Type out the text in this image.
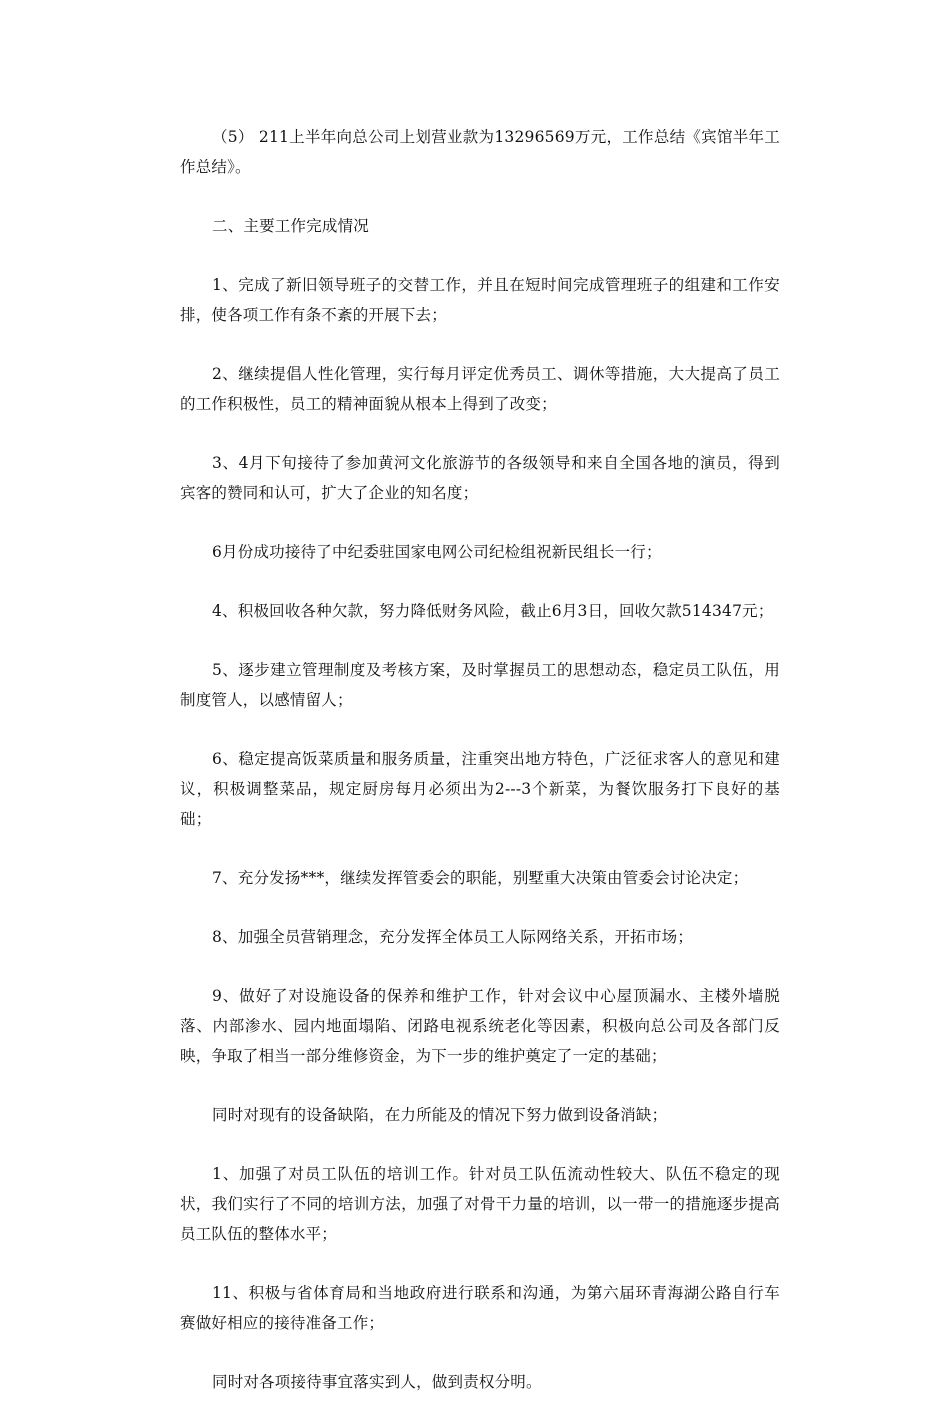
（5） 211上半年向总公司上划营业款为13296569万元，工作总结《宾馆半年工作总结》。

二、主要工作完成情况

1、完成了新旧领导班子的交替工作，并且在短时间完成管理班子的组建和工作安排，使各项工作有条不紊的开展下去；

2、继续提倡人性化管理，实行每月评定优秀员工、调休等措施，大大提高了员工的工作积极性，员工的精神面貌从根本上得到了改变；

3、4月下旬接待了参加黄河文化旅游节的各级领导和来自全国各地的演员，得到宾客的赞同和认可，扩大了企业的知名度；

6月份成功接待了中纪委驻国家电网公司纪检组祝新民组长一行；

4、积极回收各种欠款，努力降低财务风险，截止6月3日，回收欠款514347元；

5、逐步建立管理制度及考核方案，及时掌握员工的思想动态，稳定员工队伍，用制度管人，以感情留人；

6、稳定提高饭菜质量和服务质量，注重突出地方特色，广泛征求客人的意见和建议，积极调整菜品，规定厨房每月必须出为2---3个新菜，为餐饮服务打下良好的基础；

7、充分发扬***，继续发挥管委会的职能，别墅重大决策由管委会讨论决定；

8、加强全员营销理念，充分发挥全体员工人际网络关系，开拓市场；

9、做好了对设施设备的保养和维护工作，针对会议中心屋顶漏水、主楼外墙脱落、内部渗水、园内地面塌陷、闭路电视系统老化等因素，积极向总公司及各部门反映，争取了相当一部分维修资金，为下一步的维护奠定了一定的基础；

同时对现有的设备缺陷，在力所能及的情况下努力做到设备消缺；

1、加强了对员工队伍的培训工作。针对员工队伍流动性较大、队伍不稳定的现状，我们实行了不同的培训方法，加强了对骨干力量的培训，以一带一的措施逐步提高员工队伍的整体水平；

11、积极与省体育局和当地政府进行联系和沟通，为第六届环青海湖公路自行车赛做好相应的接待准备工作；

同时对各项接待事宜落实到人，做到责权分明。
